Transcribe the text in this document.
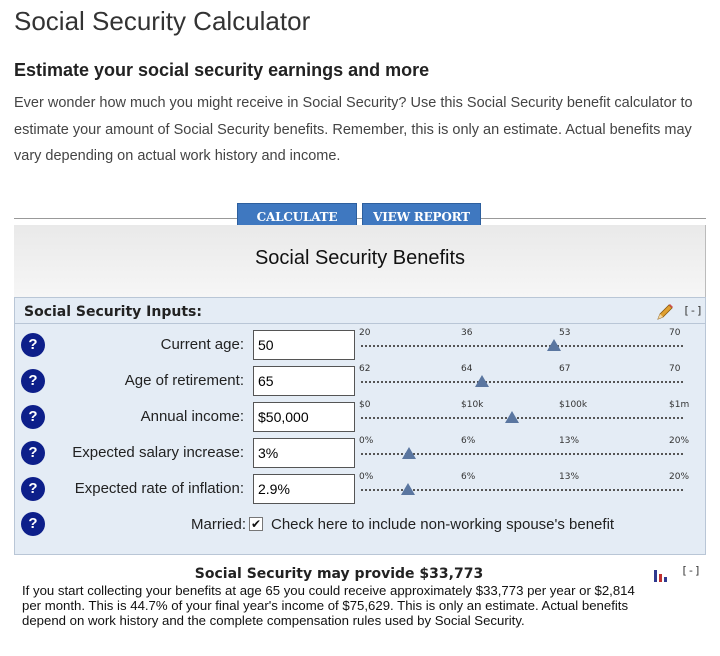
Social Security Calculator
Estimate your social security earnings and more

Ever wonder how much you might receive in Social Security? Use this Social Security benefit calculator to estimate your amount of Social Security benefits. Remember, this is only an estimate. Actual benefits may vary depending on actual work history and income.

CALCULATE	VIEW REPORT
Social Security Benefits
Social Security Inputs:	[-]
?	Current age:
50
20	36	53	70
?	Age of retirement:
65
62	64	67	70
?	Annual income:
$50,000
$0	$10k	$100k	$1m
?	Expected salary increase:
3%
0%	6%	13%	20%
?	Expected rate of inflation:
2.9%
0%	6%	13%	20%
?	Married: ✔ Check here to include non-working spouse's benefit
Social Security may provide $33,773	[-]

If you start collecting your benefits at age 65 you could receive approximately $33,773 per year or $2,814 per month. This is 44.7% of your final year's income of $75,629. This is only an estimate. Actual benefits depend on work history and the complete compensation rules used by Social Security.
